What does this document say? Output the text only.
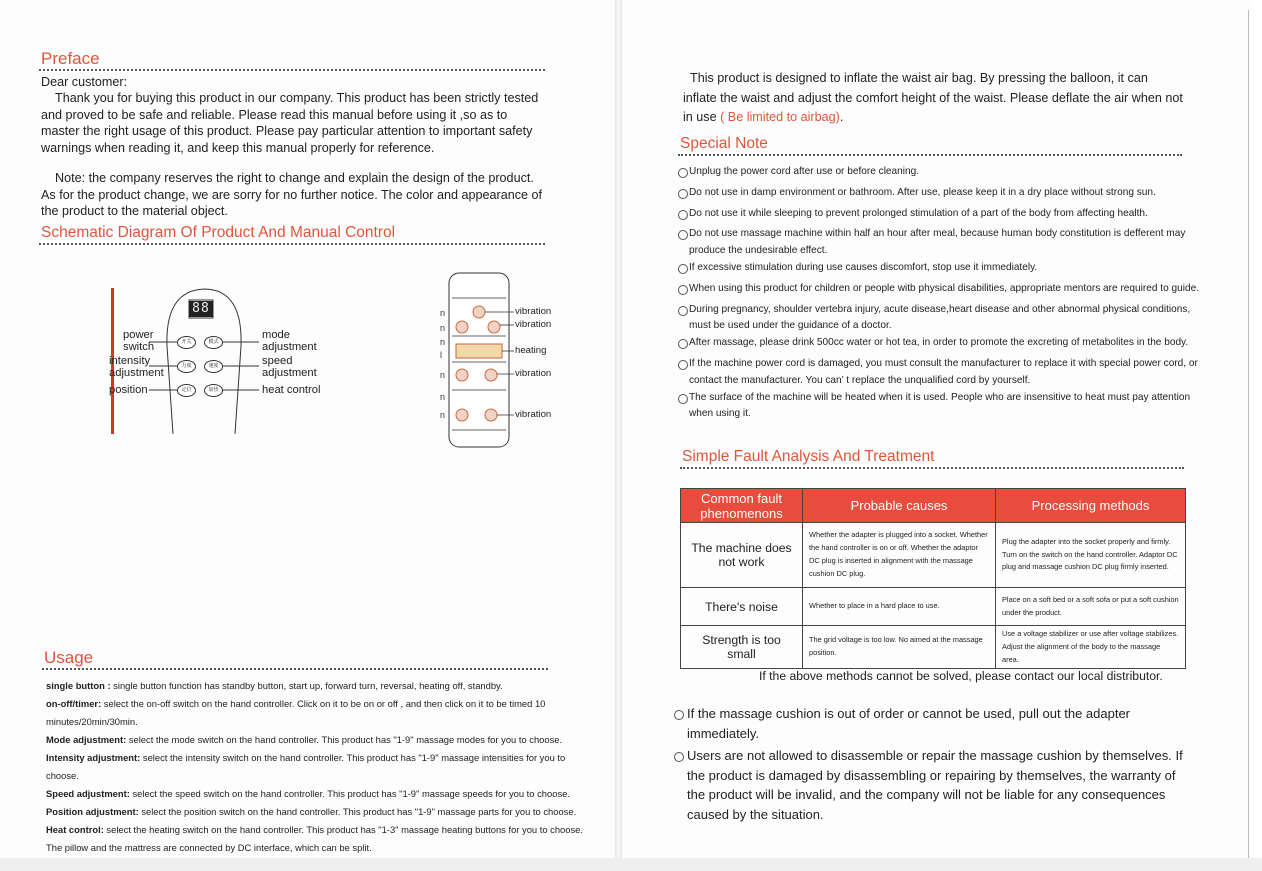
Preface

Dear customer:

Thank you for buying this product in our company. This product has been strictly tested and proved to be safe and reliable. Please read this manual before using it ,so as to master the right usage of this product. Please pay particular attention to important safety warnings when reading it, and keep this manual properly for reference.

Note: the company reserves the right to change and explain the design of the product. As for the product change, we are sorry for no further notice. The color and appearance of the product to the material object.

Schematic Diagram Of Product And Manual Control
88
开关	模式
力度	速度
定位	加热
power
switch
intensity
adjustment
position
mode
adjustment
speed
adjustment
heat control
n
n
n
l
n
n
n
vibration
vibration
heating
vibration
vibration
Usage
single button : single button function has standby button, start up, forward turn, reversal, heating off, standby.
on-off/timer: select the on-off switch on the hand controller. Click on it to be on or off , and then click on it to be timed 10 minutes/20min/30min.
Mode adjustment: select the mode switch on the hand controller. This product has "1-9" massage modes for you to choose.
Intensity adjustment: select the intensity switch on the hand controller. This product has "1-9" massage intensities for you to choose.
Speed adjustment: select the speed switch on the hand controller. This product has "1-9" massage speeds for you to choose.
Position adjustment: select the position switch on the hand controller. This product has "1-9" massage parts for you to choose.
Heat control: select the heating switch on the hand controller. This product has "1-3" massage heating buttons for you to choose.
The pillow and the mattress are connected by DC interface, which can be split.

This product is designed to inflate the waist air bag. By pressing the balloon, it can inflate the waist and adjust the comfort height of the waist. Please deflate the air when not in use ( Be limited to airbag).

Special Note
Unplug the power cord after use or before cleaning.
Do not use in damp environment or bathroom. After use, please keep it in a dry place without strong sun.
Do not use it while sleeping to prevent prolonged stimulation of a part of the body from affecting health.
Do not use massage machine within half an hour after meal, because human body constitution is defferent may produce the undesirable effect.
If excessive stimulation during use causes discomfort, stop use it immediately.
When using this product for children or people witb physical disabilities, appropriate mentors are required to guide.
During pregnancy, shoulder vertebra injury, acute disease,heart disease and other abnormal physical conditions, must be used under the guidance of a doctor.
After massage, please drink 500cc water or hot tea, in order to promote the excreting of metabolites in the body.
If the machine power cord is damaged, you must consult the manufacturer to replace it with special power cord, or contact the manufacturer. You can’ t replace the unqualified cord by yourself.
The surface of the machine will be heated when it is used. People who are insensitive to heat must pay attention when using it.
Simple Fault Analysis And Treatment
Common fault phenomenons	Probable causes	Processing methods
The machine does not work	Whether the adapter is plugged into a socket. Whether the hand controller is on or off. Whether the adaptor DC plug is inserted in alignment with the massage cushion DC plug.	Plug the adapter into the socket properly and firmly. Turn on the switch on the hand controller. Adaptor DC plug and massage cushion DC plug firmly inserted.
There's noise	Whether to place in a hard place to use.	Place on a soft bed or a soft sofa or put a soft cushion under the product.
Strength is too small	The grid voltage is too low. No aimed at the massage position.	Use a voltage stabilizer or use after voltage stabilizes. Adjust the alignment of the body to the massage area.

If the above methods cannot be solved, please contact our local distributor.

If the massage cushion is out of order or cannot be used, pull out the adapter immediately.
Users are not allowed to disassemble or repair the massage cushion by themselves. If the product is damaged by disassembling or repairing by themselves, the warranty of the product will be invalid, and the company will not be liable for any consequences caused by the situation.
